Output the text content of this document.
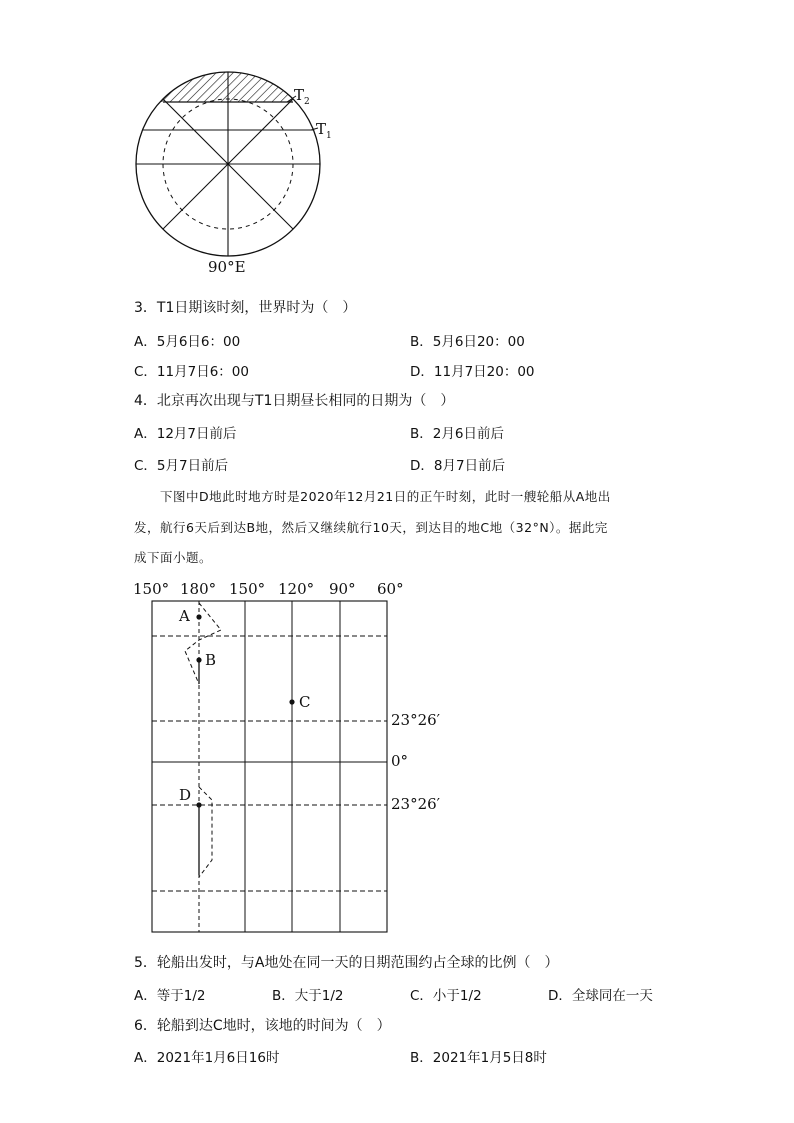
$T_2$
$T_1$
90°E
3．T1日期该时刻，世界时为（　）
A．5月6日6：00	B．5月6日20：00
C．11月7日6：00	D．11月7日20：00
4．北京再次出现与T1日期昼长相同的日期为（　）
A．12月7日前后	B．2月6日前后
C．5月7日前后	D．8月7日前后
下图中D地此时地方时是2020年12月21日的正午时刻，此时一艘轮船从A地出
发，航行6天后到达B地，然后又继续航行10天，到达目的地C地（32°N）。据此完
成下面小题。
150° 180° 150° 120° 90° 60°
A
B
C
D
23°26′
0°
23°26′
5．轮船出发时，与A地处在同一天的日期范围约占全球的比例（　）
A．等于1/2	B．大于1/2	C．小于1/2	D．全球同在一天
6．轮船到达C地时，该地的时间为（　）
A．2021年1月6日16时	B．2021年1月5日8时
